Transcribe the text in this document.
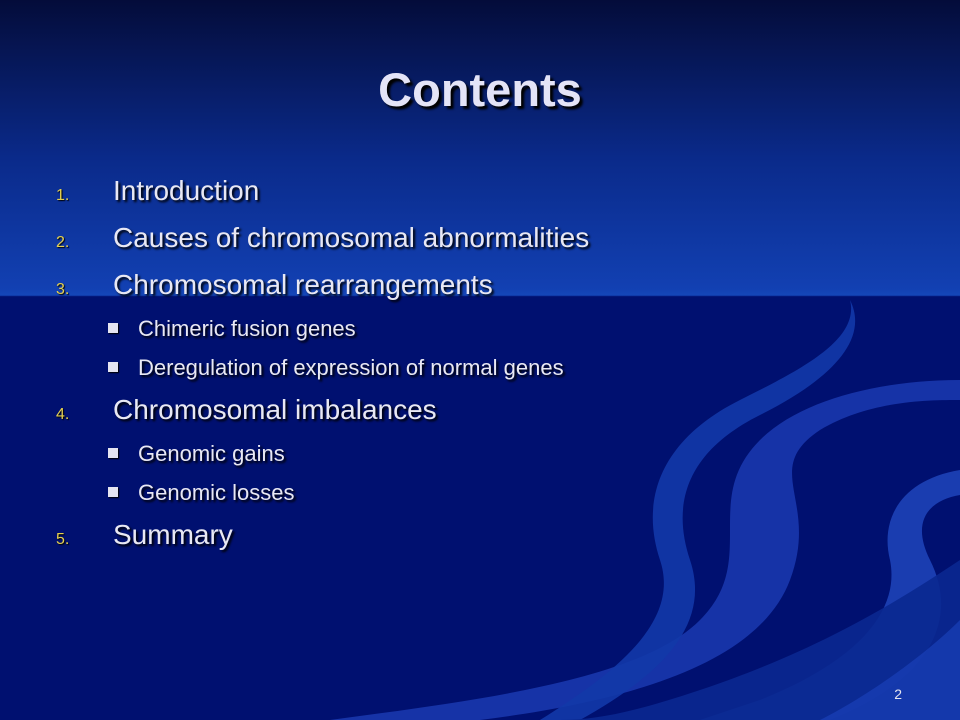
Contents
1.	Introduction
2.	Causes of chromosomal abnormalities
3.	Chromosomal rearrangements
Chimeric fusion genes
Deregulation of expression of normal genes
4.	Chromosomal imbalances
Genomic gains
Genomic losses
5.	Summary
2
